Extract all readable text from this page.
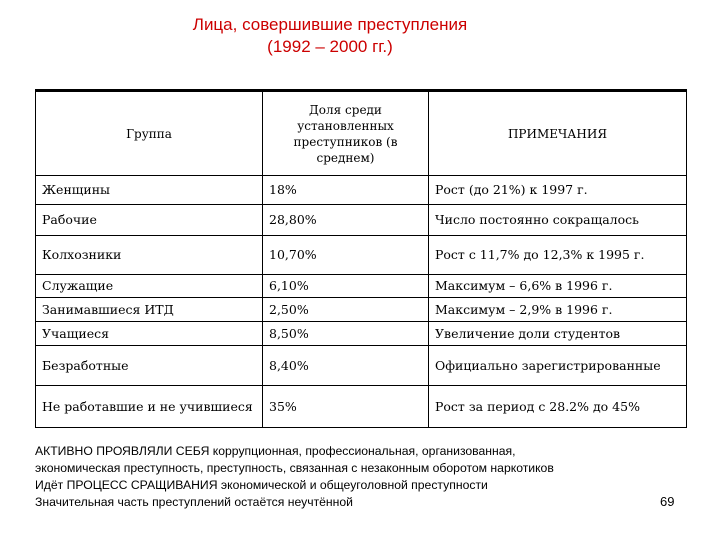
Лица, совершившие преступления
(1992 – 2000 гг.)
Группа	Доля среди установленных преступников (в среднем)	ПРИМЕЧАНИЯ
Женщины	18%	Рост (до 21%) к 1997 г.
Рабочие	28,80%	Число постоянно сокращалось
Колхозники	10,70%	Рост с 11,7% до 12,3% к 1995 г.
Служащие	6,10%	Максимум – 6,6% в 1996 г.
Занимавшиеся ИТД	2,50%	Максимум – 2,9% в 1996 г.
Учащиеся	8,50%	Увеличение доли студентов
Безработные	8,40%	Официально зарегистрированные
Не работавшие и не учившиеся	35%	Рост за период с 28.2% до 45%
АКТИВНО ПРОЯВЛЯЛИ СЕБЯ коррупционная, профессиональная, организованная,
экономическая преступность, преступность, связанная с незаконным оборотом наркотиков
Идёт ПРОЦЕСС СРАЩИВАНИЯ экономической и общеуголовной преступности
Значительная часть преступлений остаётся неучтённой	69
